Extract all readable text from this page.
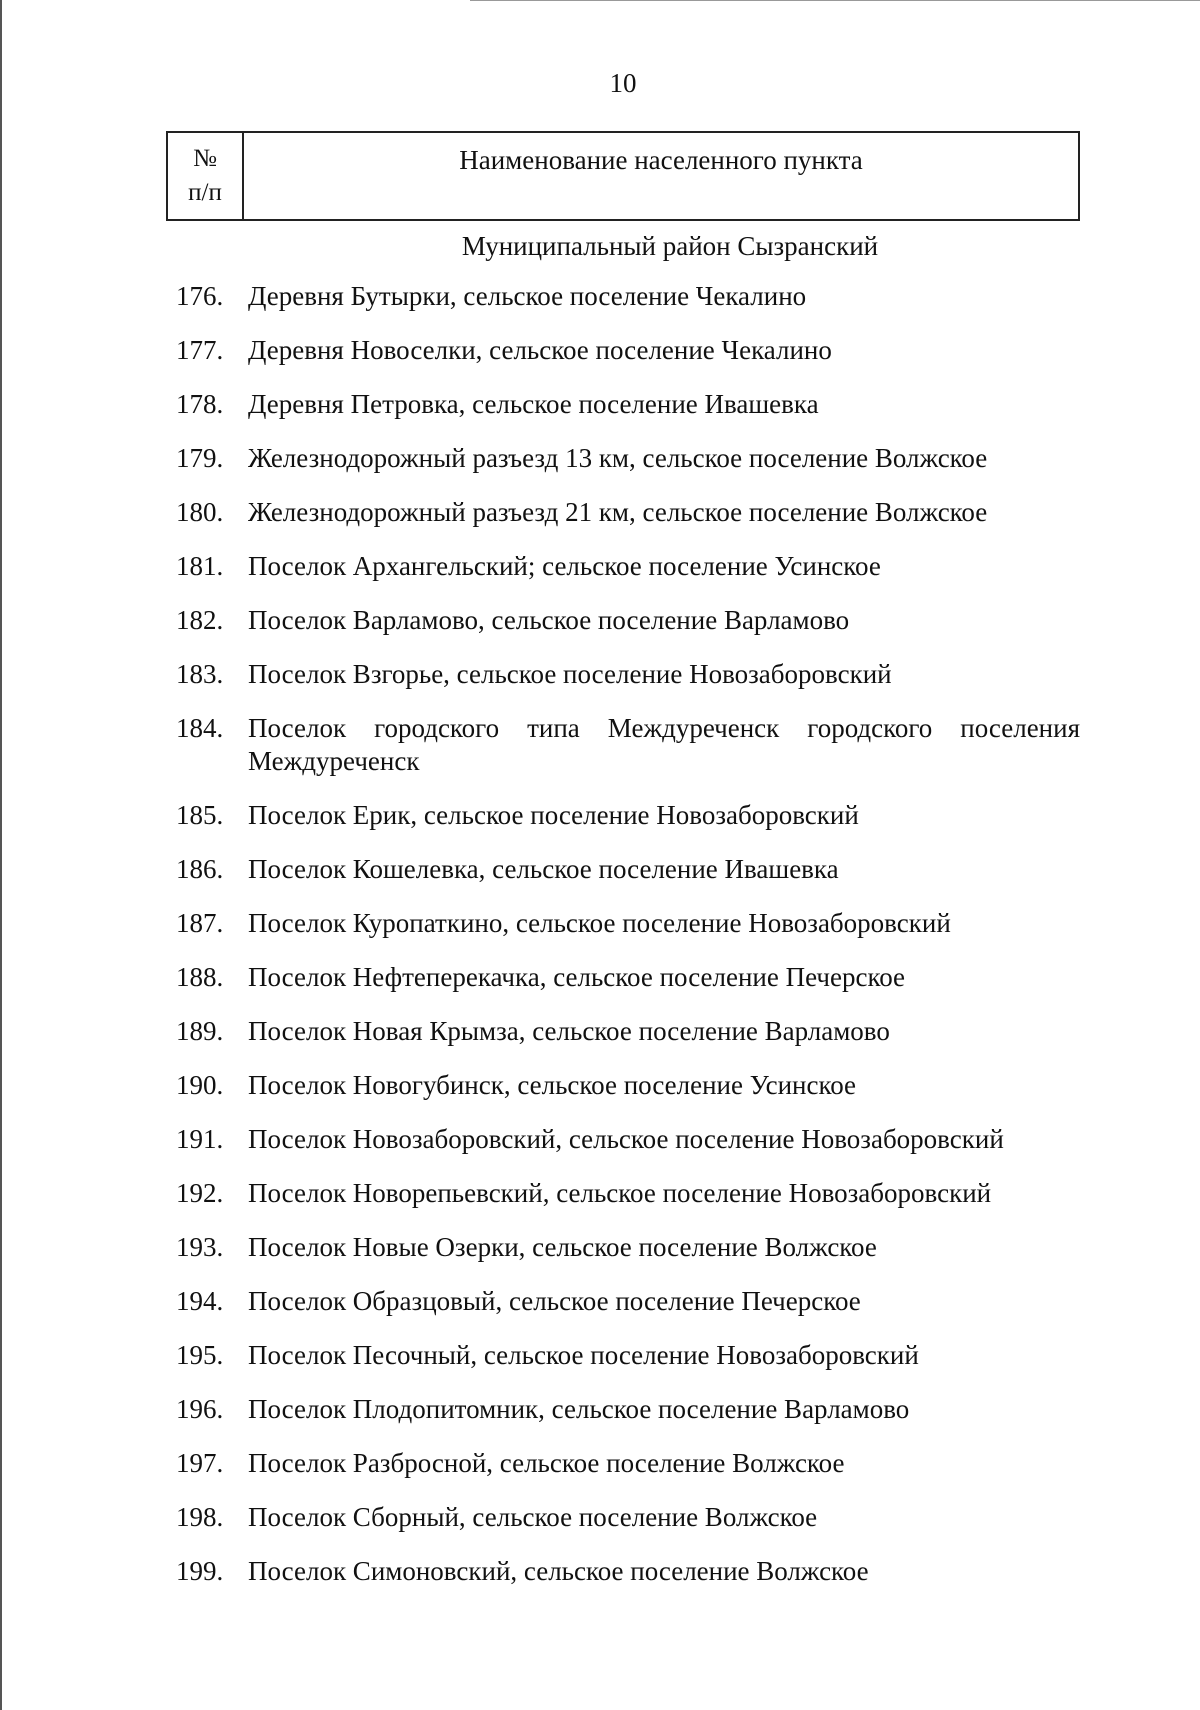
10
№
п/п
Наименование населенного пункта
Муниципальный район Сызранский
176. Деревня Бутырки, сельское поселение Чекалино
177. Деревня Новоселки, сельское поселение Чекалино
178. Деревня Петровка, сельское поселение Ивашевка
179. Железнодорожный разъезд 13 км, сельское поселение Волжское
180. Железнодорожный разъезд 21 км, сельское поселение Волжское
181. Поселок Архангельский; сельское поселение Усинское
182. Поселок Варламово, сельское поселение Варламово
183. Поселок Взгорье, сельское поселение Новозаборовский
184. Поселок городского типа Междуреченск городского поселения Междуреченск
185. Поселок Ерик, сельское поселение Новозаборовский
186. Поселок Кошелевка, сельское поселение Ивашевка
187. Поселок Куропаткино, сельское поселение Новозаборовский
188. Поселок Нефтеперекачка, сельское поселение Печерское
189. Поселок Новая Крымза, сельское поселение Варламово
190. Поселок Новогубинск, сельское поселение Усинское
191. Поселок Новозаборовский, сельское поселение Новозаборовский
192. Поселок Новорепьевский, сельское поселение Новозаборовский
193. Поселок Новые Озерки, сельское поселение Волжское
194. Поселок Образцовый, сельское поселение Печерское
195. Поселок Песочный, сельское поселение Новозаборовский
196. Поселок Плодопитомник, сельское поселение Варламово
197. Поселок Разбросной, сельское поселение Волжское
198. Поселок Сборный, сельское поселение Волжское
199. Поселок Симоновский, сельское поселение Волжское
